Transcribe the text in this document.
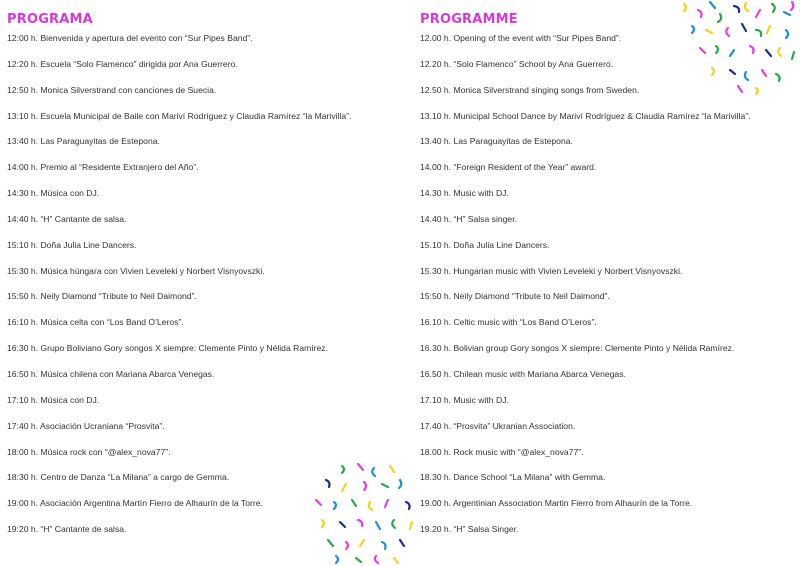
PROGRAMA
12:00 h. Bienvenida y apertura del evento con “Sur Pipes Band”.
12:20 h. Escuela “Solo Flamenco” dirigida por Ana Guerrero.
12:50 h. Monica Silverstrand con canciones de Suecia.
13:10 h. Escuela Municipal de Baile con Mariví Rodríguez y Claudia Ramírez “la Marivilla”.
13:40 h. Las Paraguayitas de Estepona.
14:00 h. Premio al “Residente Extranjero del Año”.
14:30 h. Música con DJ.
14:40 h. “H” Cantante de salsa.
15:10 h. Doña Julia Line Dancers.
15:30 h. Música húngara con Vivien Leveleki y Norbert Visnyovszki.
15:50 h. Neily Diamond “Tribute to Neil Daimond”.
16:10 h. Música celta con “Los Band O’Leros”.
16:30 h. Grupo Boliviano Gory songos X siempre: Clemente Pinto y Nélida Ramírez.
16:50 h. Música chilena con Mariana Abarca Venegas.
17:10 h. Música con DJ.
17:40 h. Asociación Ucraniana “Prosvita”.
18:00 h. Música rock con “@alex_nova77”.
18:30 h. Centro de Danza “La Milana” a cargo de Gemma.
19:00 h. Asociación Argentina Martín Fierro de Alhaurín de la Torre.
19:20 h. “H” Cantante de salsa.
PROGRAMME
12.00 h. Opening of the event with “Sur Pipes Band”.
12.20 h. “Solo Flamenco” School by Ana Guerrero.
12.50 h. Monica Silverstrand singing songs from Sweden.
13.10 h. Municipal School Dance by Mariví Rodríguez & Claudia Ramírez “la Marivilla”.
13.40 h. Las Paraguayitas de Estepona.
14.00 h. “Foreign Resident of the Year” award.
14.30 h. Music with DJ.
14.40 h. “H” Salsa singer.
15.10 h. Doña Julia Line Dancers.
15.30 h. Hungarian music with Vivien Leveleki y Norbert Visnyovszki.
15:50 h. Neily Diamond “Tribute to Neil Daimond”.
16.10 h. Celtic music with “Los Band O’Leros”.
16.30 h. Bolivian group Gory songos X siempre: Clemente Pinto y Nélida Ramírez.
16.50 h. Chilean music with Mariana Abarca Venegas.
17.10 h. Music with DJ.
17.40 h. “Prosvita” Ukranian Association.
18.00 h. Rock music with “@alex_nova77”.
18.30 h. Dance School “La Milana” with Gemma.
19.00 h. Argentinian Association Martin Fierro from Alhaurín de la Torre.
19.20 h. “H” Salsa Singer.
